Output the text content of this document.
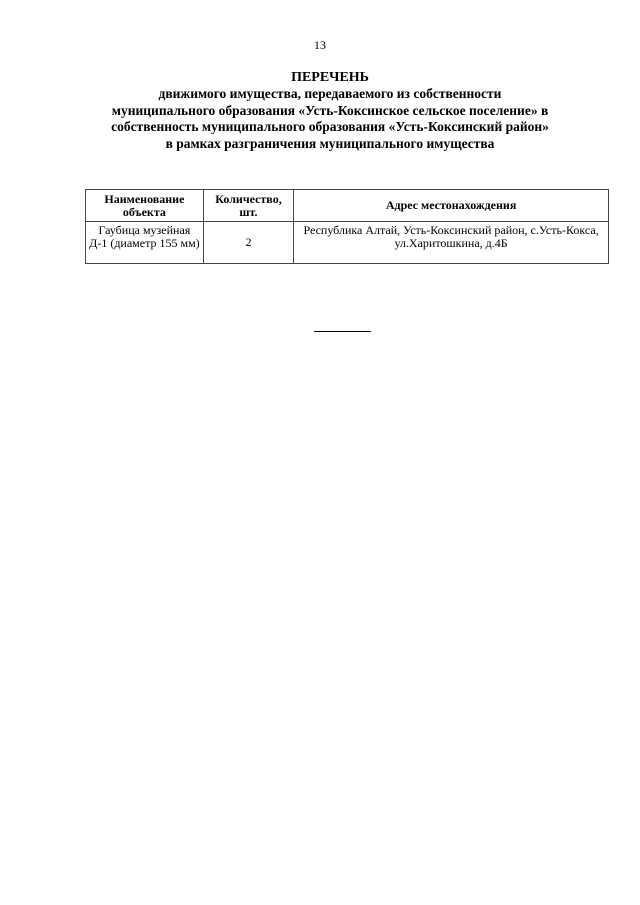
13
ПЕРЕЧЕНЬ
движимого имущества, передаваемого из собственности
муниципального образования «Усть-Коксинское сельское поселение» в
собственность муниципального образования «Усть-Коксинский район»
в рамках разграничения муниципального имущества
Наименование объекта	Количество, шт.	Адрес местонахождения
Гаубица музейная Д-1 (диаметр 155 мм)	2	Республика Алтай, Усть-Коксинский район, с.Усть-Кокса, ул.Харитошкина, д.4Б
